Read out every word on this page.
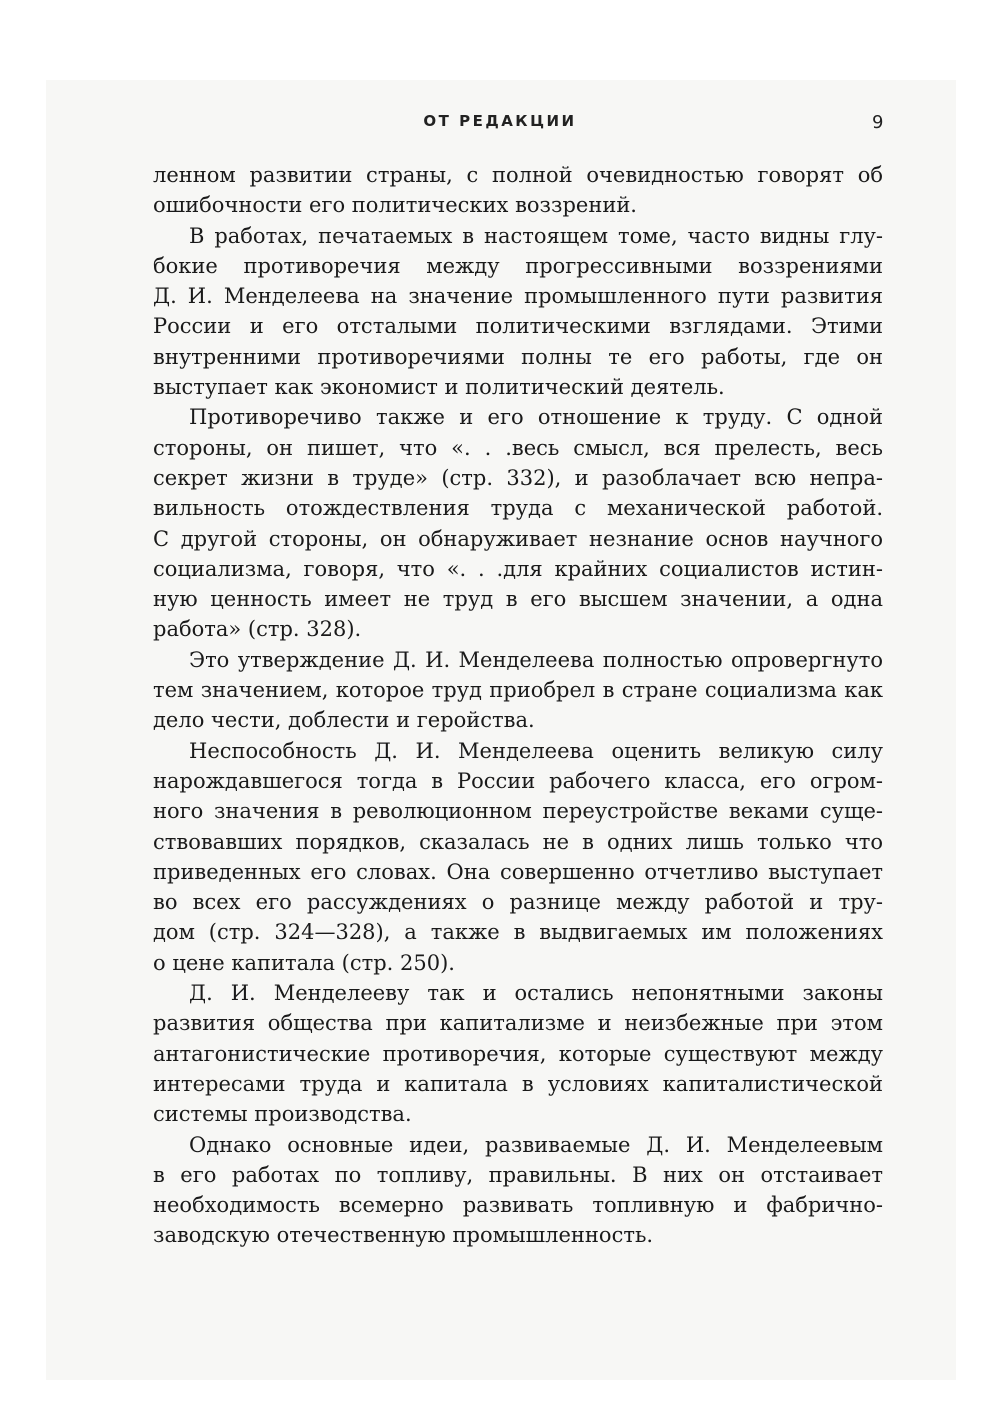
ОТ РЕДАКЦИИ	9
ленном развитии страны, с полной очевидностью говорят об
ошибочности его политических воззрений.
В работах, печатаемых в настоящем томе, часто видны глу-
бокие противоречия между прогрессивными воззрениями
Д. И. Менделеева на значение промышленного пути развития
России и его отсталыми политическими взглядами. Этими
внутренними противоречиями полны те его работы, где он
выступает как экономист и политический деятель.
Противоречиво также и его отношение к труду. С одной
стороны, он пишет, что «. . .весь смысл, вся прелесть, весь
секрет жизни в труде» (стр. 332), и разоблачает всю непра-
вильность отождествления труда с механической работой.
С другой стороны, он обнаруживает незнание основ научного
социализма, говоря, что «. . .для крайних социалистов истин-
ную ценность имеет не труд в его высшем значении, а одна
работа» (стр. 328).
Это утверждение Д. И. Менделеева полностью опровергнуто
тем значением, которое труд приобрел в стране социализма как
дело чести, доблести и геройства.
Неспособность Д. И. Менделеева оценить великую силу
нарождавшегося тогда в России рабочего класса, его огром-
ного значения в революционном переустройстве веками суще-
ствовавших порядков, сказалась не в одних лишь только что
приведенных его словах. Она совершенно отчетливо выступает
во всех его рассуждениях о разнице между работой и тру-
дом (стр. 324—328), а также в выдвигаемых им положениях
о цене капитала (стр. 250).
Д. И. Менделееву так и остались непонятными законы
развития общества при капитализме и неизбежные при этом
антагонистические противоречия, которые существуют между
интересами труда и капитала в условиях капиталистической
системы производства.
Однако основные идеи, развиваемые Д. И. Менделеевым
в его работах по топливу, правильны. В них он отстаивает
необходимость всемерно развивать топливную и фабрично-
заводскую отечественную промышленность.
